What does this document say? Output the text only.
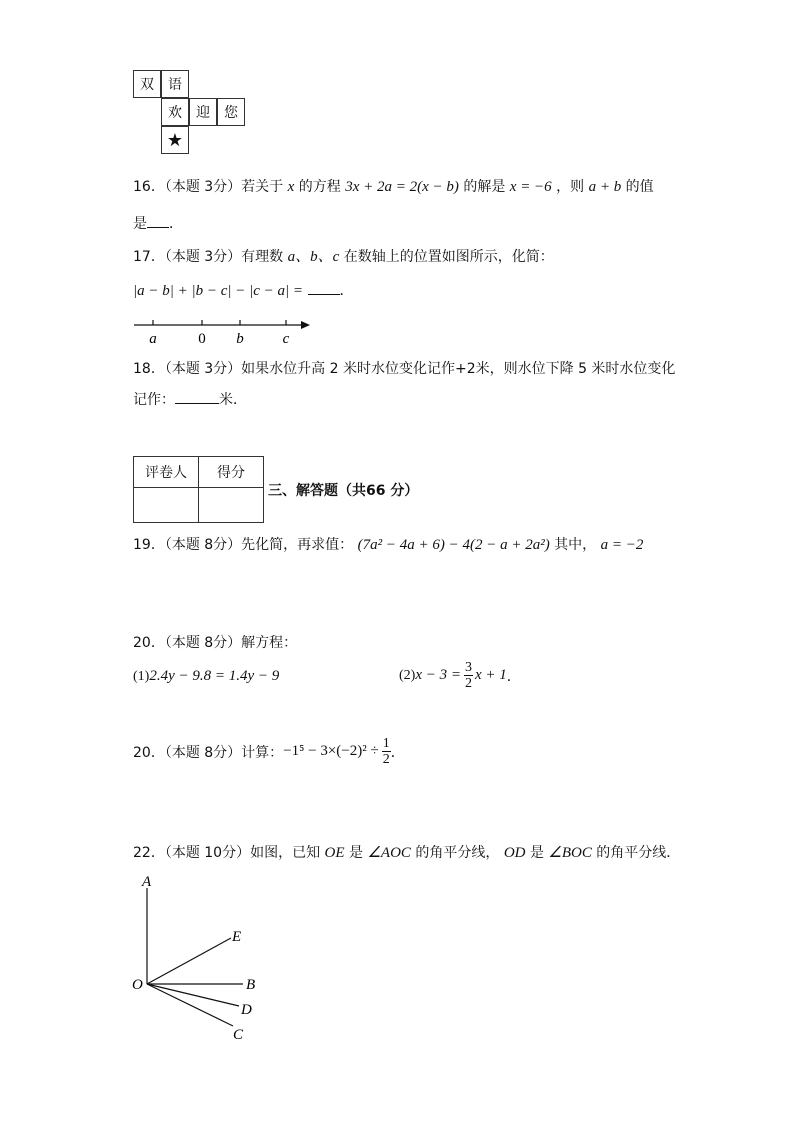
双	语
欢	迎	您
★
16．（本题 3分）若关于 x 的方程 3x + 2a = 2(x − b) 的解是 x = −6 ，则 a + b 的值
是 ．
17．（本题 3分）有理数 a、b、c 在数轴上的位置如图所示，化简：
|a − b| + |b − c| − |c − a| =	．
a	0 b	c
18．（本题 3分）如果水位升高 2 米时水位变化记作+2米，则水位下降 5 米时水位变化
记作：	米．
评卷人	得分

三、解答题（共66 分）
19．（本题 8分）先化简，再求值： (7a² − 4a + 6) − 4(2 − a + 2a²) 其中， a = −2
20．（本题 8分）解方程：
(1)2.4y − 9.8 = 1.4y − 9	(2) $x - 3 = \frac{3}{2}$ x + 1 ．
20．（本题 8分）计算： $-1^5 - 3\times(-2)^2 \div \frac{1}{2}$ ．
22．（本题 10分）如图，已知 OE 是 ∠AOC 的角平分线， OD 是 ∠BOC 的角平分线．
A
E
O	B
D
C
